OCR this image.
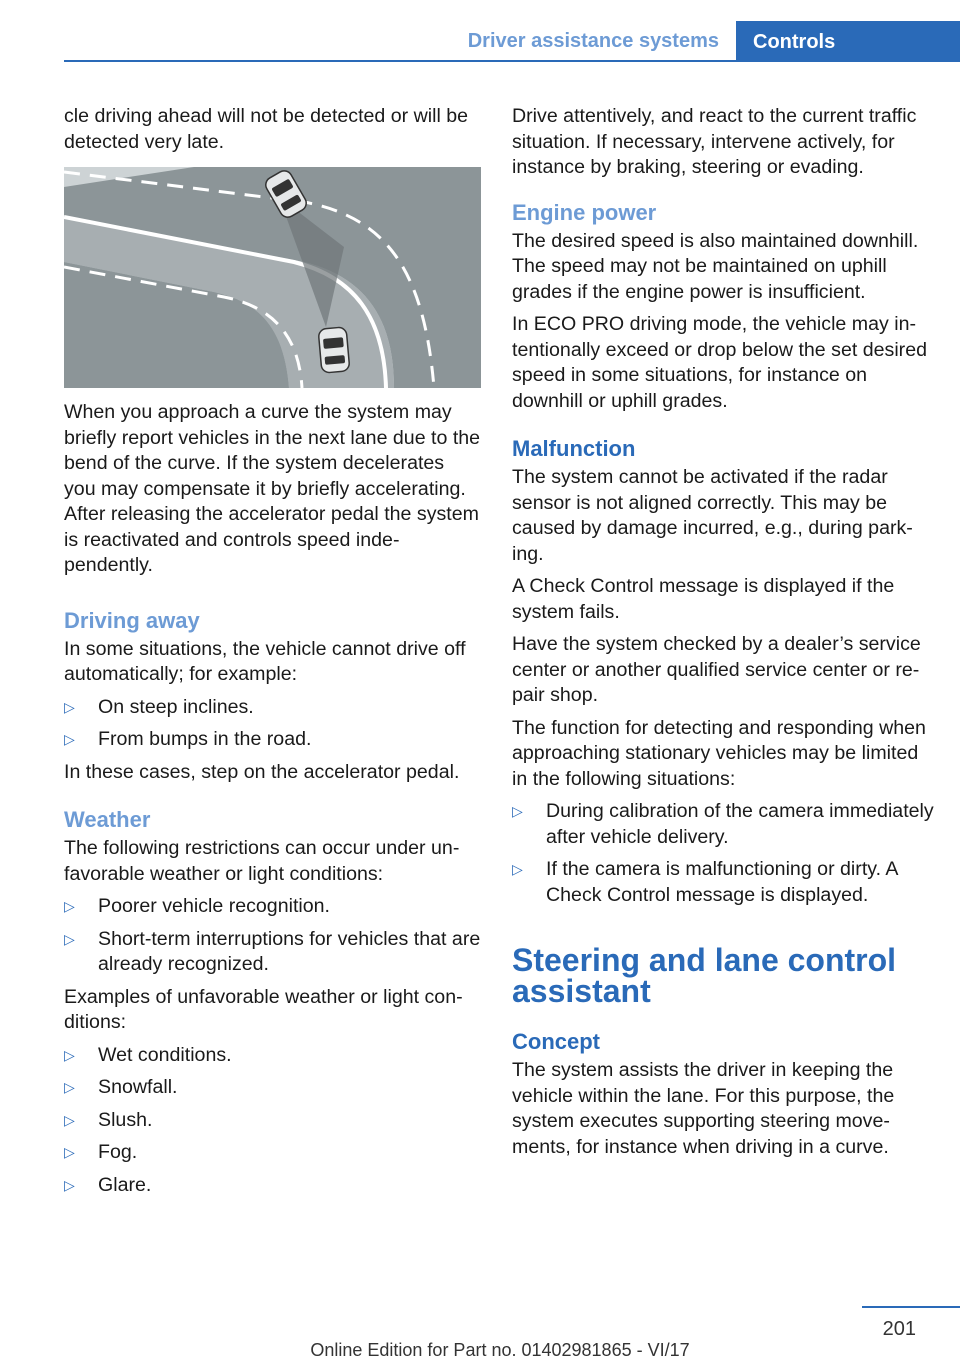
Driver assistance systems Controls

cle driving ahead will not be detected or will be detected very late.

When you approach a curve the system may briefly report vehicles in the next lane due to the bend of the curve. If the system decelerates you may compensate it by briefly accelerating. After releasing the accelerator pedal the system is reactivated and controls speed independently.

Driving away

In some situations, the vehicle cannot drive off automatically; for example:

▷ On steep inclines.
▷ From bumps in the road.

In these cases, step on the accelerator pedal.

Weather

The following restrictions can occur under unfavorable weather or light conditions:

▷ Poorer vehicle recognition.
▷ Short-term interruptions for vehicles that are already recognized.

Examples of unfavorable weather or light conditions:

▷ Wet conditions.
▷ Snowfall.
▷ Slush.
▷ Fog.
▷ Glare.

Drive attentively, and react to the current traffic situation. If necessary, intervene actively, for instance by braking, steering or evading.

Engine power

The desired speed is also maintained downhill. The speed may not be maintained on uphill grades if the engine power is insufficient.

In ECO PRO driving mode, the vehicle may intentionally exceed or drop below the set desired speed in some situations, for instance on downhill or uphill grades.

Malfunction

The system cannot be activated if the radar sensor is not aligned correctly. This may be caused by damage incurred, e.g., during parking.

A Check Control message is displayed if the system fails.

Have the system checked by a dealer’s service center or another qualified service center or repair shop.

The function for detecting and responding when approaching stationary vehicles may be limited in the following situations:

▷ During calibration of the camera immediately after vehicle delivery.
▷ If the camera is malfunctioning or dirty. A Check Control message is displayed.
Steering and lane control assistant
Concept

The system assists the driver in keeping the vehicle within the lane. For this purpose, the system executes supporting steering movements, for instance when driving in a curve.

201
Online Edition for Part no. 01402981865 - VI/17
